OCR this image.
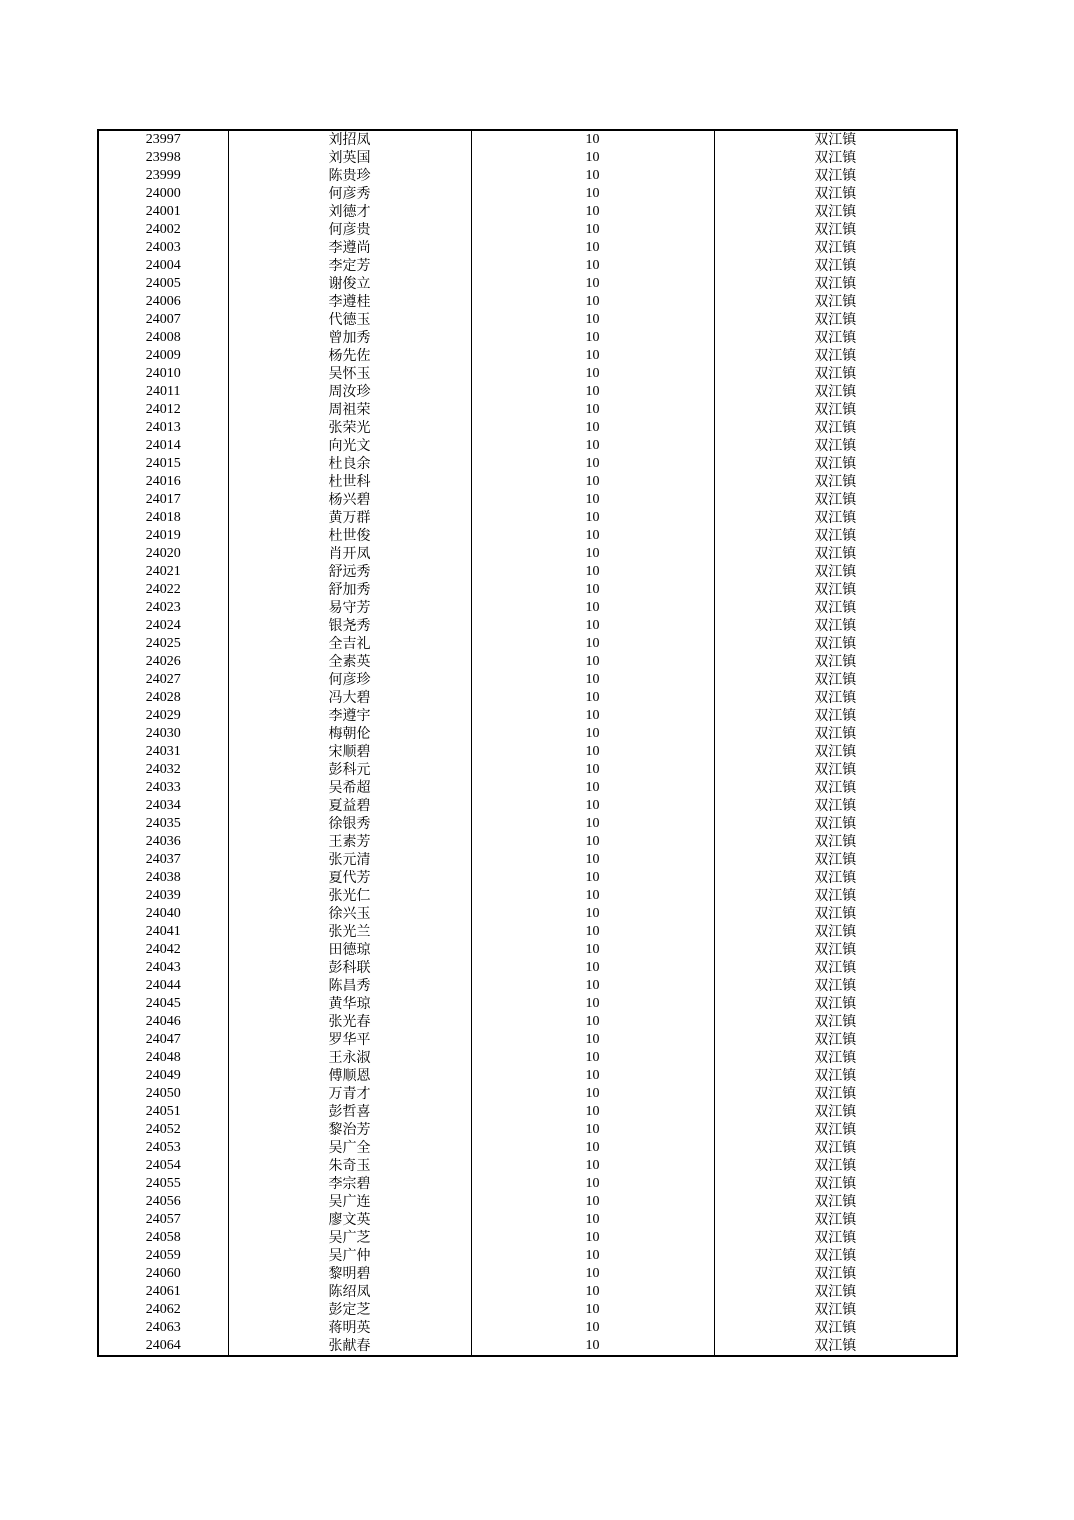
23997	刘招凤	10	双江镇
23998	刘英国	10	双江镇
23999	陈贵珍	10	双江镇
24000	何彦秀	10	双江镇
24001	刘德才	10	双江镇
24002	何彦贵	10	双江镇
24003	李遵尚	10	双江镇
24004	李定芳	10	双江镇
24005	谢俊立	10	双江镇
24006	李遵桂	10	双江镇
24007	代德玉	10	双江镇
24008	曾加秀	10	双江镇
24009	杨先佐	10	双江镇
24010	吴怀玉	10	双江镇
24011	周汝珍	10	双江镇
24012	周祖荣	10	双江镇
24013	张荣光	10	双江镇
24014	向光文	10	双江镇
24015	杜良余	10	双江镇
24016	杜世科	10	双江镇
24017	杨兴碧	10	双江镇
24018	黄万群	10	双江镇
24019	杜世俊	10	双江镇
24020	肖开凤	10	双江镇
24021	舒远秀	10	双江镇
24022	舒加秀	10	双江镇
24023	易守芳	10	双江镇
24024	银尧秀	10	双江镇
24025	全吉礼	10	双江镇
24026	全素英	10	双江镇
24027	何彦珍	10	双江镇
24028	冯大碧	10	双江镇
24029	李遵宇	10	双江镇
24030	梅朝伦	10	双江镇
24031	宋顺碧	10	双江镇
24032	彭科元	10	双江镇
24033	吴希超	10	双江镇
24034	夏益碧	10	双江镇
24035	徐银秀	10	双江镇
24036	王素芳	10	双江镇
24037	张元清	10	双江镇
24038	夏代芳	10	双江镇
24039	张光仁	10	双江镇
24040	徐兴玉	10	双江镇
24041	张光兰	10	双江镇
24042	田德琼	10	双江镇
24043	彭科联	10	双江镇
24044	陈昌秀	10	双江镇
24045	黄华琼	10	双江镇
24046	张光春	10	双江镇
24047	罗华平	10	双江镇
24048	王永淑	10	双江镇
24049	傅顺恩	10	双江镇
24050	万青才	10	双江镇
24051	彭哲喜	10	双江镇
24052	黎治芳	10	双江镇
24053	吴广全	10	双江镇
24054	朱奇玉	10	双江镇
24055	李宗碧	10	双江镇
24056	吴广连	10	双江镇
24057	廖文英	10	双江镇
24058	吴广芝	10	双江镇
24059	吴广仲	10	双江镇
24060	黎明碧	10	双江镇
24061	陈绍凤	10	双江镇
24062	彭定芝	10	双江镇
24063	蒋明英	10	双江镇
24064	张献春	10	双江镇
